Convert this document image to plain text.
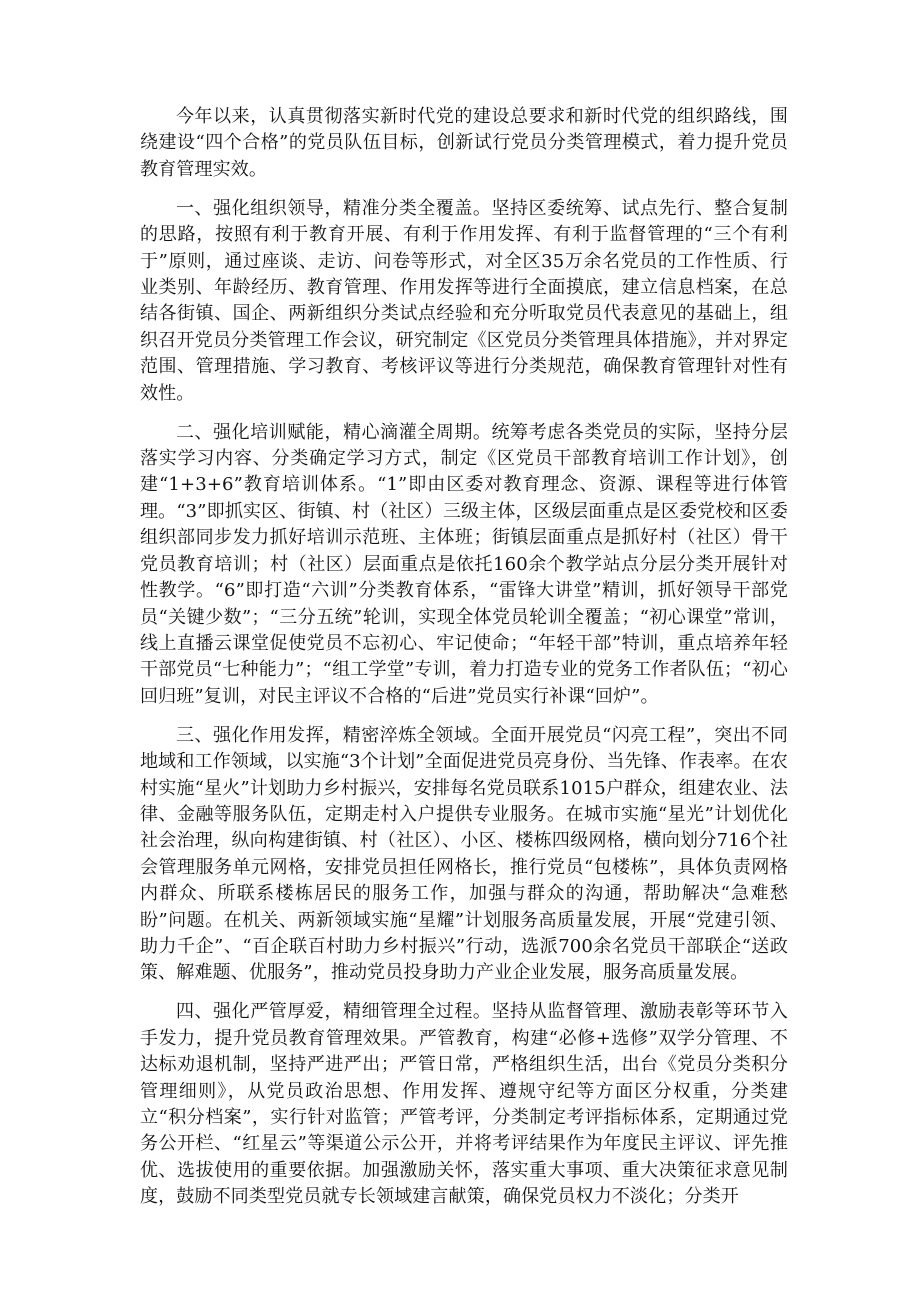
今年以来，认真贯彻落实新时代党的建设总要求和新时代党的组织路线，围绕建设“四个合格”的党员队伍目标，创新试行党员分类管理模式，着力提升党员教育管理实效。

一、强化组织领导，精准分类全覆盖。坚持区委统筹、试点先行、整合复制的思路，按照有利于教育开展、有利于作用发挥、有利于监督管理的“三个有利于”原则，通过座谈、走访、问卷等形式，对全区35万余名党员的工作性质、行业类别、年龄经历、教育管理、作用发挥等进行全面摸底，建立信息档案，在总结各街镇、国企、两新组织分类试点经验和充分听取党员代表意见的基础上，组织召开党员分类管理工作会议，研究制定《区党员分类管理具体措施》，并对界定范围、管理措施、学习教育、考核评议等进行分类规范，确保教育管理针对性有效性。

二、强化培训赋能，精心滴灌全周期。统筹考虑各类党员的实际，坚持分层落实学习内容、分类确定学习方式，制定《区党员干部教育培训工作计划》，创建“1+3+6”教育培训体系。“1”即由区委对教育理念、资源、课程等进行体管理。“3”即抓实区、街镇、村（社区）三级主体，区级层面重点是区委党校和区委组织部同步发力抓好培训示范班、主体班；街镇层面重点是抓好村（社区）骨干党员教育培训；村（社区）层面重点是依托160余个教学站点分层分类开展针对性教学。“6”即打造“六训”分类教育体系，“雷锋大讲堂”精训，抓好领导干部党员“关键少数”；“三分五统”轮训，实现全体党员轮训全覆盖；“初心课堂”常训，线上直播云课堂促使党员不忘初心、牢记使命；“年轻干部”特训，重点培养年轻干部党员“七种能力”；“组工学堂”专训，着力打造专业的党务工作者队伍；“初心回归班”复训，对民主评议不合格的“后进”党员实行补课“回炉”。

三、强化作用发挥，精密淬炼全领域。全面开展党员“闪亮工程”，突出不同地域和工作领域，以实施“3个计划”全面促进党员亮身份、当先锋、作表率。在农村实施“星火”计划助力乡村振兴，安排每名党员联系1015户群众，组建农业、法律、金融等服务队伍，定期走村入户提供专业服务。在城市实施“星光”计划优化社会治理，纵向构建街镇、村（社区）、小区、楼栋四级网格，横向划分716个社会管理服务单元网格，安排党员担任网格长，推行党员“包楼栋”，具体负责网格内群众、所联系楼栋居民的服务工作，加强与群众的沟通，帮助解决“急难愁盼”问题。在机关、两新领域实施“星耀”计划服务高质量发展，开展“党建引领、助力千企”、“百企联百村助力乡村振兴”行动，选派700余名党员干部联企“送政策、解难题、优服务”，推动党员投身助力产业企业发展，服务高质量发展。

四、强化严管厚爱，精细管理全过程。坚持从监督管理、激励表彰等环节入手发力，提升党员教育管理效果。严管教育，构建“必修+选修”双学分管理、不达标劝退机制，坚持严进严出；严管日常，严格组织生活，出台《党员分类积分管理细则》，从党员政治思想、作用发挥、遵规守纪等方面区分权重，分类建立“积分档案”，实行针对监管；严管考评，分类制定考评指标体系，定期通过党务公开栏、“红星云”等渠道公示公开，并将考评结果作为年度民主评议、评先推优、选拔使用的重要依据。加强激励关怀，落实重大事项、重大决策征求意见制度，鼓励不同类型党员就专长领域建言献策，确保党员权力不淡化；分类开
